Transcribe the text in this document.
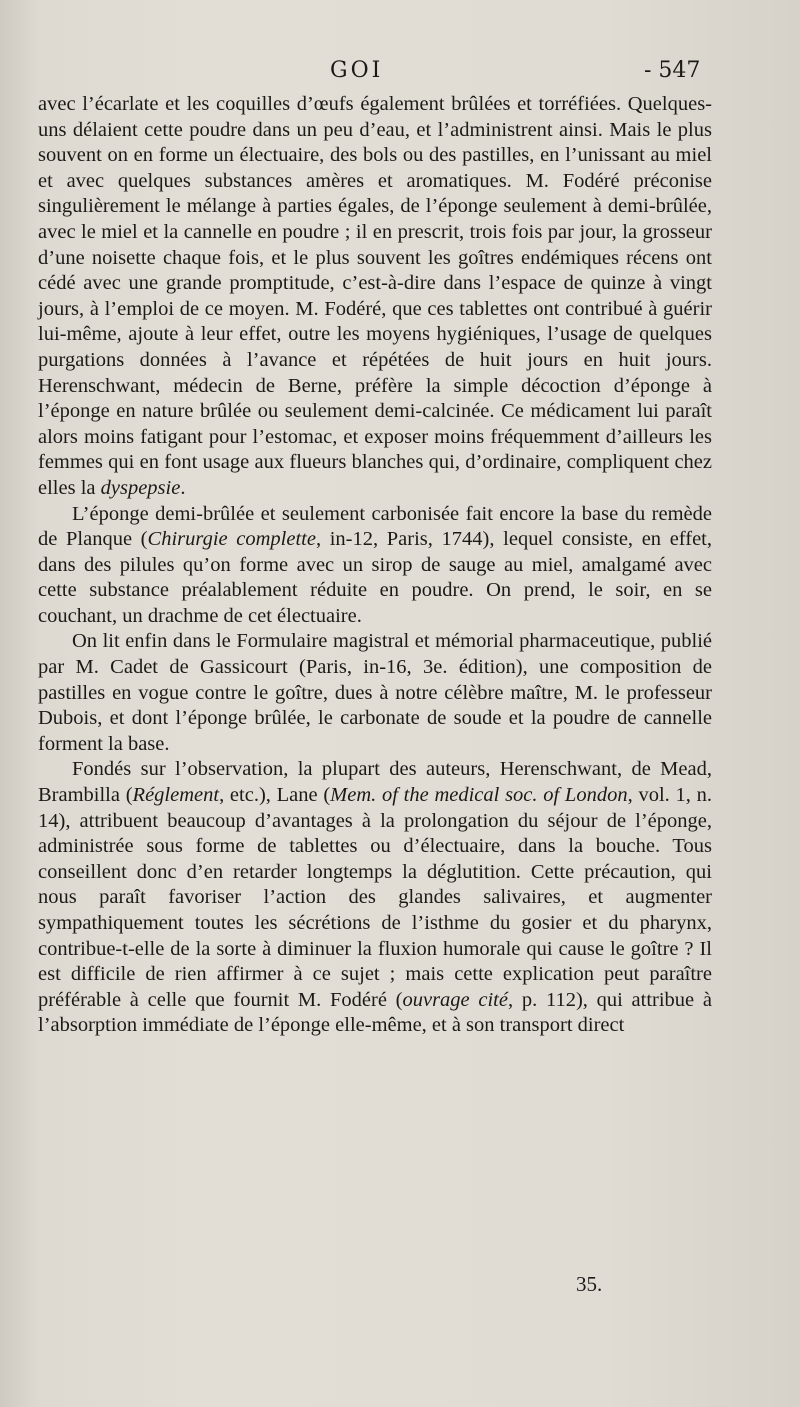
GOI	- 547

avec l’écarlate et les coquilles d’œufs également brûlées et torréfiées. Quelques-uns délaient cette poudre dans un peu d’eau, et l’administrent ainsi. Mais le plus souvent on en forme un électuaire, des bols ou des pastilles, en l’unissant au miel et avec quelques substances amères et aromatiques. M. Fodéré préconise singulièrement le mélange à parties égales, de l’éponge seulement à demi-brûlée, avec le miel et la cannelle en poudre ; il en prescrit, trois fois par jour, la grosseur d’une noisette chaque fois, et le plus souvent les goîtres endémiques récens ont cédé avec une grande promptitude, c’est-à-dire dans l’espace de quinze à vingt jours, à l’emploi de ce moyen. M. Fodéré, que ces tablettes ont contribué à guérir lui-même, ajoute à leur effet, outre les moyens hygiéniques, l’usage de quelques purgations données à l’avance et répétées de huit jours en huit jours. Herenschwant, médecin de Berne, préfère la simple décoction d’éponge à l’éponge en nature brûlée ou seulement demi-calcinée. Ce médicament lui paraît alors moins fatigant pour l’estomac, et exposer moins fréquemment d’ailleurs les femmes qui en font usage aux flueurs blanches qui, d’ordinaire, compliquent chez elles la dyspepsie.

L’éponge demi-brûlée et seulement carbonisée fait encore la base du remède de Planque (Chirurgie complette, in-12, Paris, 1744), lequel consiste, en effet, dans des pilules qu’on forme avec un sirop de sauge au miel, amalgamé avec cette substance préalablement réduite en poudre. On prend, le soir, en se couchant, un drachme de cet électuaire.

On lit enfin dans le Formulaire magistral et mémorial pharmaceutique, publié par M. Cadet de Gassicourt (Paris, in-16, 3e. édition), une composition de pastilles en vogue contre le goître, dues à notre célèbre maître, M. le professeur Dubois, et dont l’éponge brûlée, le carbonate de soude et la poudre de cannelle forment la base.

Fondés sur l’observation, la plupart des auteurs, Herenschwant, de Mead, Brambilla (Réglement, etc.), Lane (Mem. of the medical soc. of London, vol. 1, n. 14), attribuent beaucoup d’avantages à la prolongation du séjour de l’éponge, administrée sous forme de tablettes ou d’électuaire, dans la bouche. Tous conseillent donc d’en retarder longtemps la déglutition. Cette précaution, qui nous paraît favoriser l’action des glandes salivaires, et augmenter sympathiquement toutes les sécrétions de l’isthme du gosier et du pharynx, contribue-t-elle de la sorte à diminuer la fluxion humorale qui cause le goître ? Il est difficile de rien affirmer à ce sujet ; mais cette explication peut paraître préférable à celle que fournit M. Fodéré (ouvrage cité, p. 112), qui attribue à l’absorption immédiate de l’éponge elle-même, et à son transport direct

35.
